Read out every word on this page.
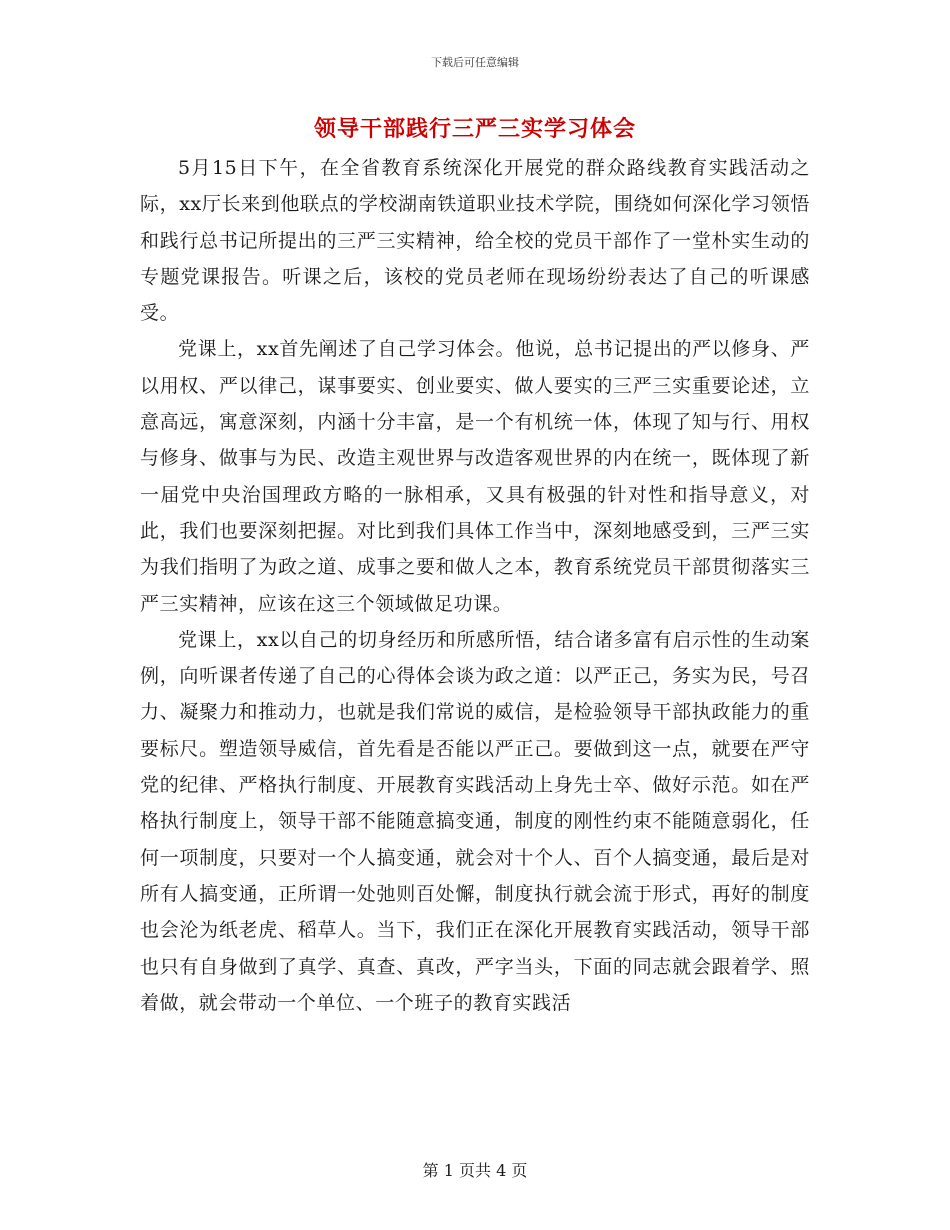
下载后可任意编辑
领导干部践行三严三实学习体会

5月15日下午，在全省教育系统深化开展党的群众路线教育实践活动之际，xx厅长来到他联点的学校湖南铁道职业技术学院，围绕如何深化学习领悟和践行总书记所提出的三严三实精神，给全校的党员干部作了一堂朴实生动的专题党课报告。听课之后，该校的党员老师在现场纷纷表达了自己的听课感受。

党课上，xx首先阐述了自己学习体会。他说，总书记提出的严以修身、严以用权、严以律己，谋事要实、创业要实、做人要实的三严三实重要论述，立意高远，寓意深刻，内涵十分丰富，是一个有机统一体，体现了知与行、用权与修身、做事与为民、改造主观世界与改造客观世界的内在统一，既体现了新一届党中央治国理政方略的一脉相承，又具有极强的针对性和指导意义，对此，我们也要深刻把握。对比到我们具体工作当中，深刻地感受到，三严三实为我们指明了为政之道、成事之要和做人之本，教育系统党员干部贯彻落实三严三实精神，应该在这三个领域做足功课。

党课上，xx以自己的切身经历和所感所悟，结合诸多富有启示性的生动案例，向听课者传递了自己的心得体会谈为政之道：以严正己，务实为民，号召力、凝聚力和推动力，也就是我们常说的威信，是检验领导干部执政能力的重要标尺。塑造领导威信，首先看是否能以严正己。要做到这一点，就要在严守党的纪律、严格执行制度、开展教育实践活动上身先士卒、做好示范。如在严格执行制度上，领导干部不能随意搞变通，制度的刚性约束不能随意弱化，任何一项制度，只要对一个人搞变通，就会对十个人、百个人搞变通，最后是对所有人搞变通，正所谓一处弛则百处懈，制度执行就会流于形式，再好的制度也会沦为纸老虎、稻草人。当下，我们正在深化开展教育实践活动，领导干部也只有自身做到了真学、真查、真改，严字当头，下面的同志就会跟着学、照着做，就会带动一个单位、一个班子的教育实践活

第 1 页共 4 页
